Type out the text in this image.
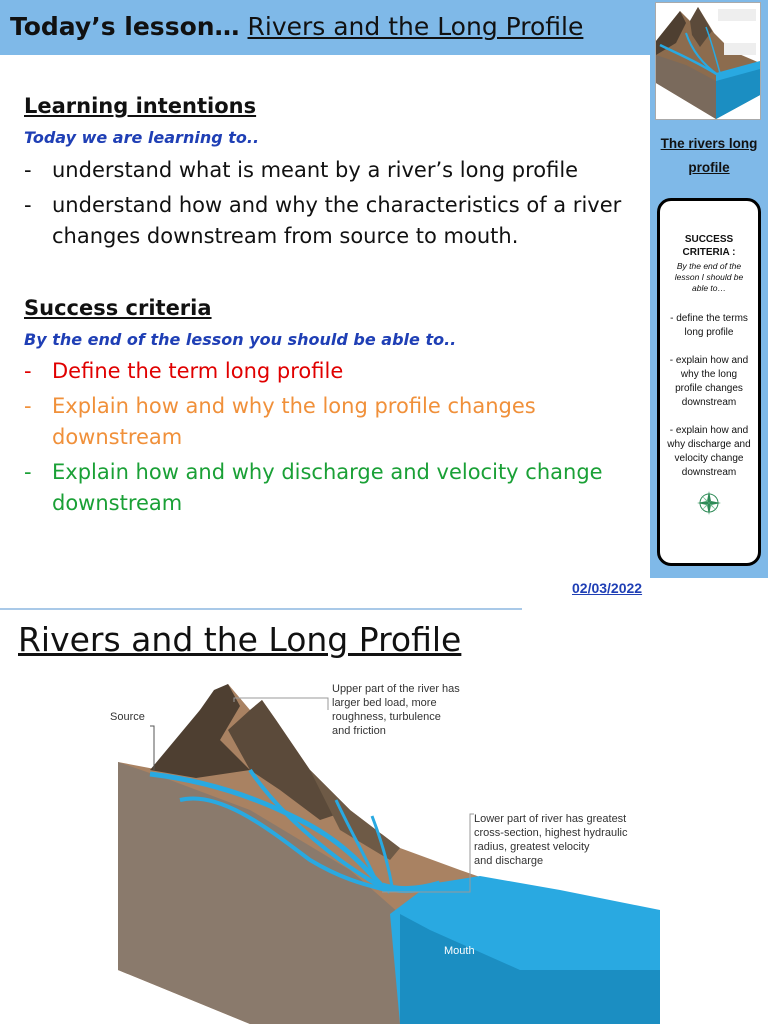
Today’s lesson… Rivers and the Long Profile
The rivers long profile
SUCCESS CRITERIA :
By the end of the lesson I should be able to…
- define the terms long profile
- explain how and why the long profile changes downstream
- explain how and why discharge and velocity change downstream
Learning intentions
Today we are learning to..
- understand what is meant by a river’s long profile
- understand how and why the characteristics of a river changes downstream from source to mouth.
Success criteria
By the end of the lesson you should be able to..
- Define the term long profile
- Explain how and why the long profile changes downstream
- Explain how and why discharge and velocity change downstream
02/03/2022
Rivers and the Long Profile
Source
Mouth
Upper part of the river has
larger bed load, more
roughness, turbulence
and friction
Lower part of river has greatest
cross-section, highest hydraulic
radius, greatest velocity
and discharge
